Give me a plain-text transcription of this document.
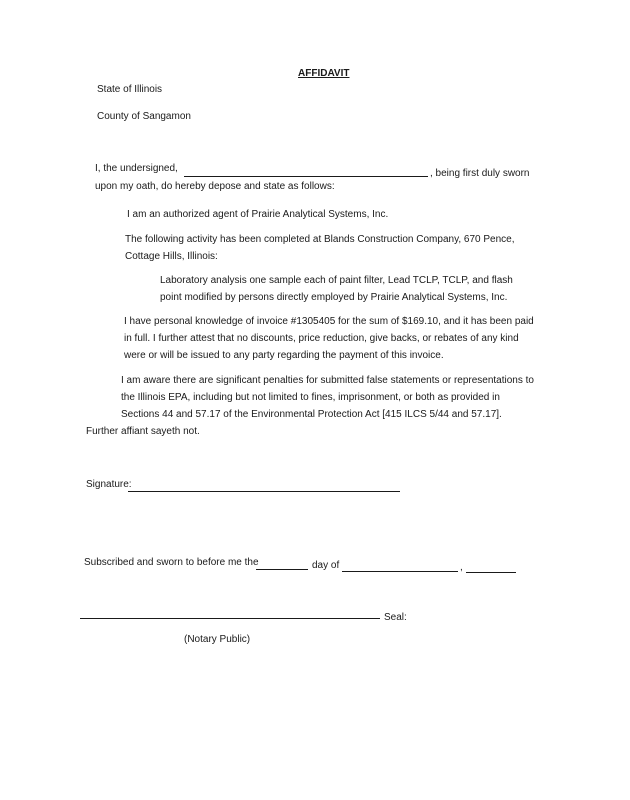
AFFIDAVIT
State of Illinois
County of Sangamon
I, the undersigned,	, being first duly sworn
upon my oath, do hereby depose and state as follows:
I am an authorized agent of Prairie Analytical Systems, Inc.
The following activity has been completed at Blands Construction Company, 670 Pence, Cottage Hills, Illinois:
Laboratory analysis one sample each of paint filter, Lead TCLP, TCLP, and flash point modified by persons directly employed by Prairie Analytical Systems, Inc.
I have personal knowledge of invoice #1305405 for the sum of $169.10, and it has been paid in full. I further attest that no discounts, price reduction, give backs, or rebates of any kind were or will be issued to any party regarding the payment of this invoice.
I am aware there are significant penalties for submitted false statements or representations to the Illinois EPA, including but not limited to fines, imprisonment, or both as provided in Sections 44 and 57.17 of the Environmental Protection Act [415 ILCS 5/44 and 57.17].
Further affiant sayeth not.
Signature:
Subscribed and sworn to before me the	day of	,
Seal:
(Notary Public)
